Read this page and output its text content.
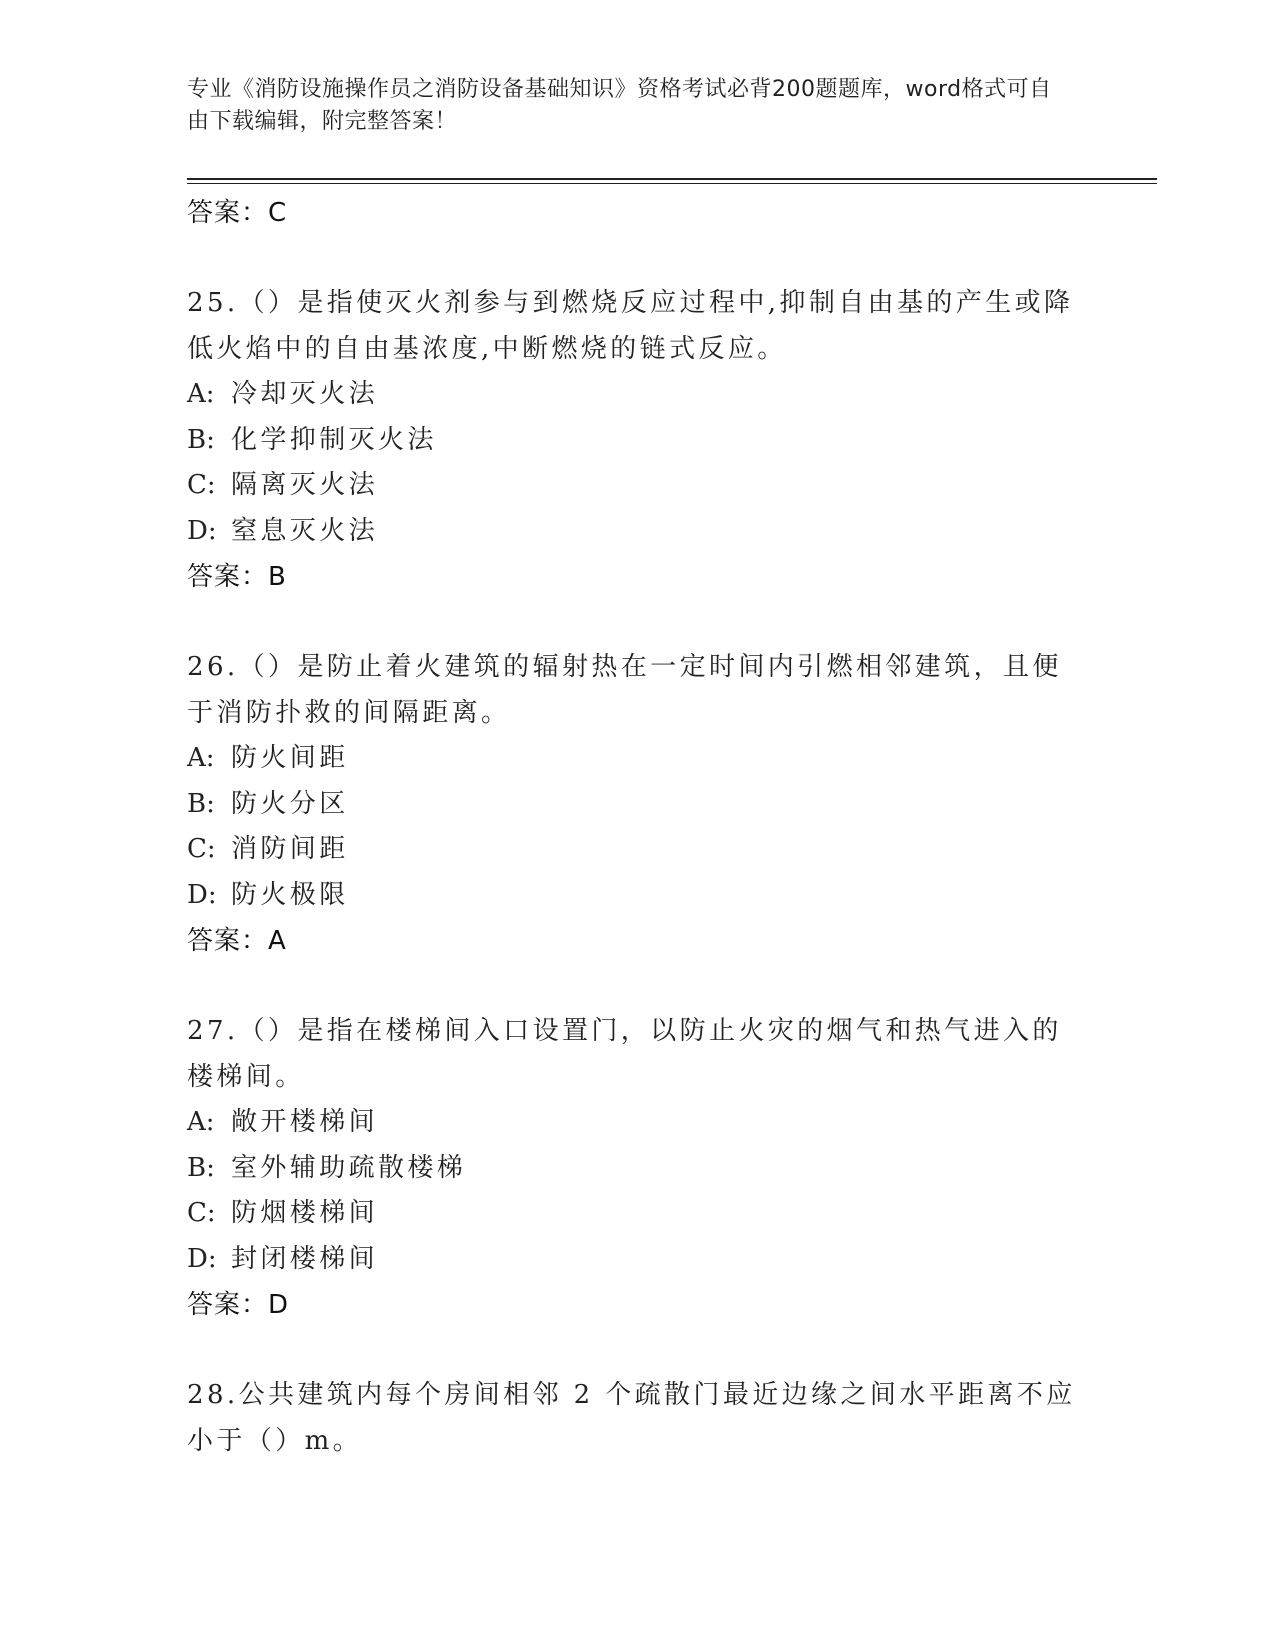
专业《消防设施操作员之消防设备基础知识》资格考试必背200题题库，word格式可自由下载编辑，附完整答案！
答案：C
25.（）是指使灭火剂参与到燃烧反应过程中,抑制自由基的产生或降低火焰中的自由基浓度,中断燃烧的链式反应。
A: 冷却灭火法
B: 化学抑制灭火法
C: 隔离灭火法
D: 窒息灭火法
答案：B
26.（）是防止着火建筑的辐射热在一定时间内引燃相邻建筑，且便于消防扑救的间隔距离。
A: 防火间距
B: 防火分区
C: 消防间距
D: 防火极限
答案：A
27.（）是指在楼梯间入口设置门，以防止火灾的烟气和热气进入的楼梯间。
A: 敞开楼梯间
B: 室外辅助疏散楼梯
C: 防烟楼梯间
D: 封闭楼梯间
答案：D
28.公共建筑内每个房间相邻 2 个疏散门最近边缘之间水平距离不应小于（）m。
